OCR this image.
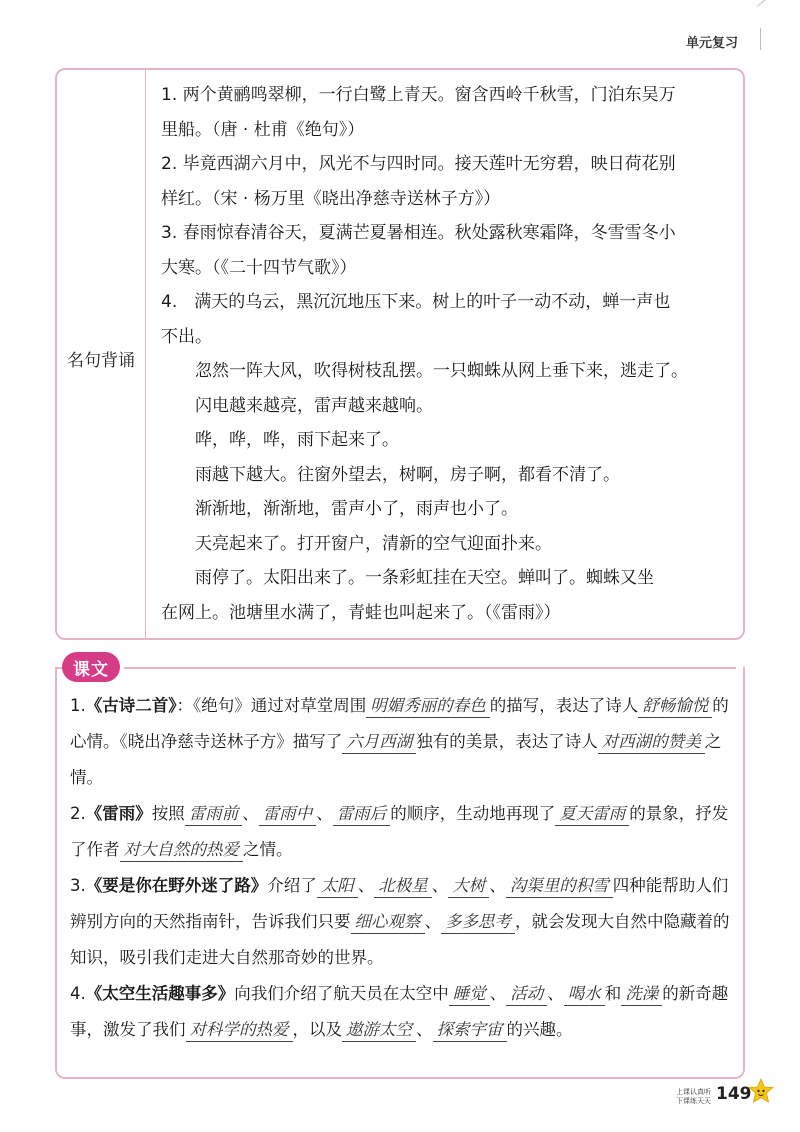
单元复习
名句背诵

1. 两个黄鹂鸣翠柳，一行白鹭上青天。窗含西岭千秋雪，门泊东吴万

里船。（唐 · 杜甫《绝句》）

2. 毕竟西湖六月中，风光不与四时同。接天莲叶无穷碧，映日荷花别

样红。（宋 · 杨万里《晓出净慈寺送林子方》）

3. 春雨惊春清谷天，夏满芒夏暑相连。秋处露秋寒霜降，冬雪雪冬小

大寒。（《二十四节气歌》）

4.　满天的乌云，黑沉沉地压下来。树上的叶子一动不动，蝉一声也

不出。

忽然一阵大风，吹得树枝乱摆。一只蜘蛛从网上垂下来，逃走了。

闪电越来越亮，雷声越来越响。

哗，哗，哗，雨下起来了。

雨越下越大。往窗外望去，树啊，房子啊，都看不清了。

渐渐地，渐渐地，雷声小了，雨声也小了。

天亮起来了。打开窗户，清新的空气迎面扑来。

雨停了。太阳出来了。一条彩虹挂在天空。蝉叫了。蜘蛛又坐

在网上。池塘里水满了，青蛙也叫起来了。（《雷雨》）

课文

1.《古诗二首》：《绝句》通过对草堂周围 明媚秀丽的春色 的描写，表达了诗人 舒畅愉悦 的心情。《晓出净慈寺送林子方》描写了 六月西湖 独有的美景，表达了诗人 对西湖的赞美 之情。

2.《雷雨》按照 雷雨前 、 雷雨中 、 雷雨后 的顺序，生动地再现了 夏天雷雨 的景象，抒发了作者 对大自然的热爱 之情。

3.《要是你在野外迷了路》介绍了 太阳 、 北极星 、 大树 、 沟渠里的积雪 四种能帮助人们辨别方向的天然指南针，告诉我们只要 细心观察 、 多多思考 ，就会发现大自然中隐藏着的知识，吸引我们走进大自然那奇妙的世界。

4.《太空生活趣事多》向我们介绍了航天员在太空中 睡觉 、 活动 、 喝水 和 洗澡 的新奇趣事，激发了我们 对科学的热爱 ，以及 遨游太空 、 探索宇宙 的兴趣。

上课认真听
下课练天天 149
